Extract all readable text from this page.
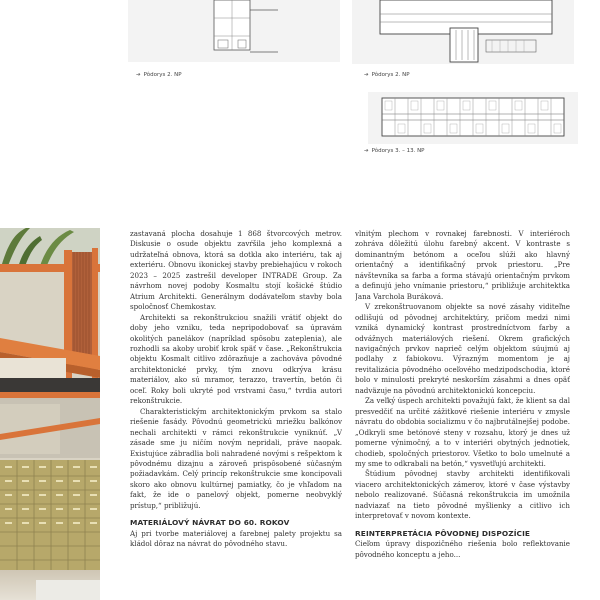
➔ Pôdorys 2. NP	➔ Pôdorys 2. NP
➔ Pôdorys 3. – 13. NP

zastavaná plocha dosahuje 1 868 štvorcových metrov. Diskusie o osude objektu zavŕšila jeho komplexná a udržateľná obnova, ktorá sa dotkla ako interiéru, tak aj exteriéru. Obnovu ikonickej stavby prebiehajúcu v rokoch 2023 – 2025 zastrešil developer INTRADE Group. Za návrhom novej podoby Kosmaltu stojí košické štúdio Atrium Architekti. Generálnym dodávateľom stavby bola spoločnosť Chemkostav.

Architekti sa rekonštrukciou snažili vrátiť objekt do doby jeho vzniku, teda nepripodobovať sa úpravám okolitých panelákov (napríklad spôsobu zateplenia), ale rozhodli sa akoby urobiť krok späť v čase. „Rekonštrukcia objektu Kosmalt citlivo zdôrazňuje a zachováva pôvodné architektonické prvky, tým znovu odkrýva krásu materiálov, ako sú mramor, terazzo, travertín, betón či oceľ. Roky boli ukryté pod vrstvami času,“ tvrdia autori rekonštrukcie.

Charakteristickým architektonickým prvkom sa stalo riešenie fasády. Pôvodnú geometrickú mriežku balkónov nechali architekti v rámci rekonštrukcie vyniknúť. „V zásade sme ju ničím novým nepridali, práve naopak. Existujúce zábradlia boli nahradené novými s rešpektom k pôvodnému dizajnu a zároveň prispôsobené súčasným požiadavkám. Celý princíp rekonštrukcie sme koncipovali skoro ako obnovu kultúrnej pamiatky, čo je vhľadom na fakt, že ide o panelový objekt, pomerne neobvyklý prístup,“ približujú.

MATERIÁLOVÝ NÁVRAT DO 60. ROKOV

Aj pri tvorbe materiálovej a farebnej palety projektu sa kládol dôraz na návrat do pôvodného stavu.

vlnitým plechom v rovnakej farebnosti. V interiéroch zohráva dôležitú úlohu farebný akcent. V kontraste s dominantným betónom a oceľou slúži ako hlavný orientačný a identifikačný prvok priestoru. „Pre návštevníka sa farba a forma stávajú orientačným prvkom a definujú jeho vnímanie priestoru,“ približuje architektka Jana Varchola Buráková.

V zrekonštruovanom objekte sa nové zásahy viditeľne odlišujú od pôvodnej architektúry, pričom medzi nimi vzniká dynamický kontrast prostredníctvom farby a odvážnych materiálových riešení. Okrem grafických navigačných prvkov naprieč celým objektom súujmú aj podlahy z fabiokovu. Výrazným momentom je aj revitalizácia pôvodného oceľového medzipodschodia, ktoré bolo v minulosti prekryté neskorším zásahmi a dnes opäť nadväzuje na pôvodnú architektonickú koncepciu.

Za veľký úspech architekti považujú fakt, že klient sa dal presvedčiť na určité zážitkové riešenie interiéru v zmysle návratu do obdobia socializmu v čo najbrutálnejšej podobe. „Odkryli sme betónové steny v rozsahu, ktorý je dnes už pomerne výnimočný, a to v interiéri obytných jednotiek, chodieb, spoločných priestorov. Všetko to bolo umelnuté a my sme to odkrabali na betón,“ vysvetľujú architekti.

Štúdium pôvodnej stavby architekti identifikovali viacero architektonických zámerov, ktoré v čase výstavby nebolo realizované. Súčasná rekonštrukcia im umožnila nadviazať na tieto pôvodné myšlienky a citlivo ich interpretovať v novom kontexte.

REINTERPRETÁCIA PÔVODNEJ DISPOZÍCIE

Cieľom úpravy dispozičného riešenia bolo reflektovanie pôvodného konceptu a jeho...
